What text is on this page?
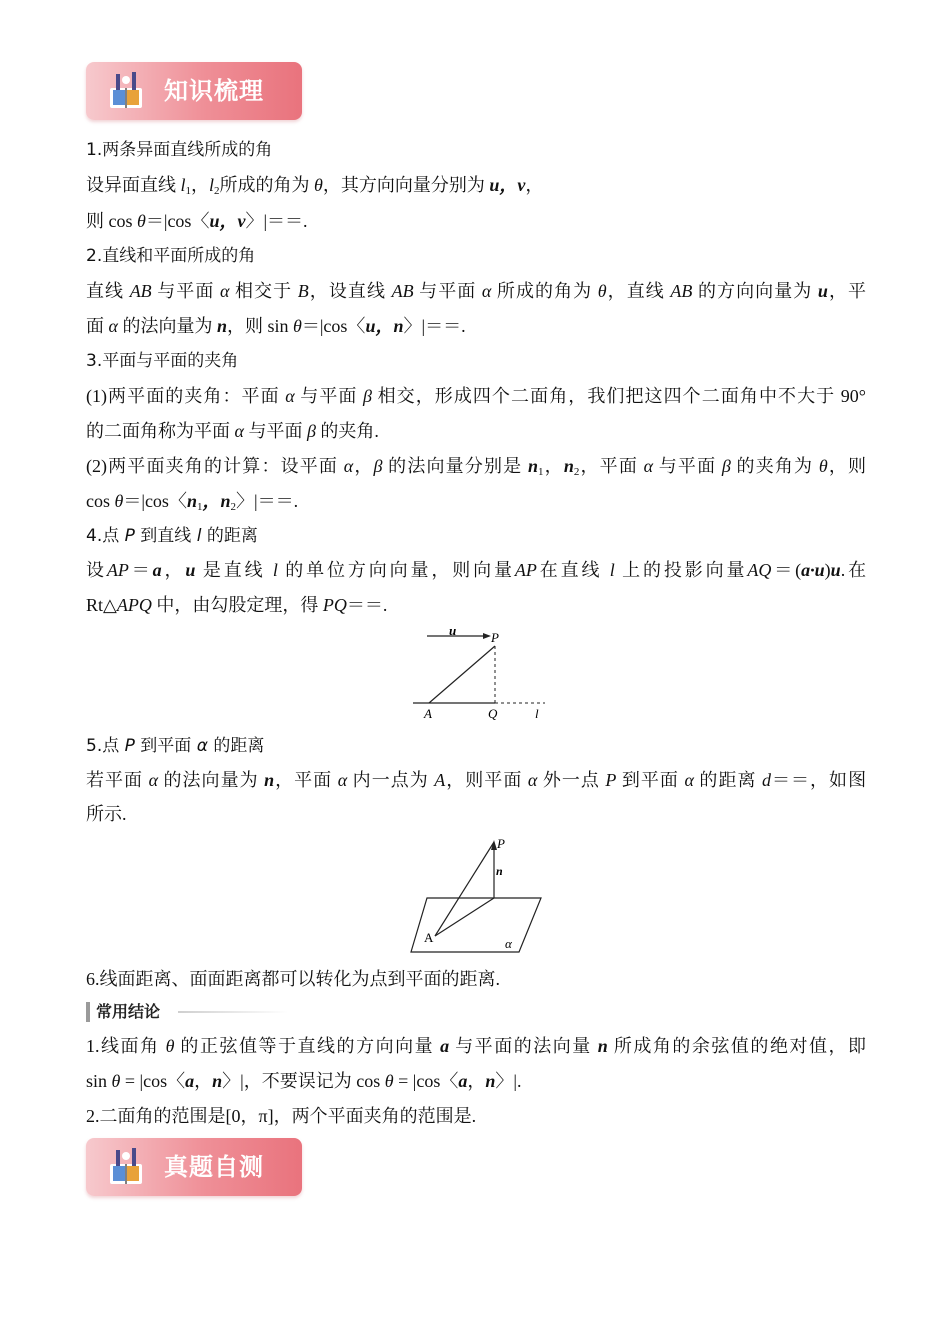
知识梳理
1.两条异面直线所成的角
设异面直线 $l_1$，$l_2$所成的角为 θ，其方向向量分别为 u，v，
则 cos θ＝|cos〈u，v〉|＝＝.
2.直线和平面所成的角
直线 AB 与平面 α 相交于 B，设直线 AB 与平面 α 所成的角为 θ，直线 AB 的方向向量为 u，平
面 α 的法向量为 n，则 sin θ＝|cos〈u，n〉|＝＝.
3.平面与平面的夹角
(1)两平面的夹角：平面 α 与平面 β 相交，形成四个二面角，我们把这四个二面角中不大于 90°
的二面角称为平面 α 与平面 β 的夹角.
(2)两平面夹角的计算：设平面 α，β 的法向量分别是 $n_1$，$n_2$，平面 α 与平面 β 的夹角为 θ，则
cos θ＝|cos〈$n_1$，$n_2$〉|＝＝.
4.点 P 到直线 l 的距离
设AP＝a，u 是直线 l 的单位方向向量，则向量AP在直线 l 上的投影向量AQ＝(a·u)u.在
Rt△APQ 中，由勾股定理，得 PQ＝＝.
u	P
A	Q	l
5.点 P 到平面 α 的距离
若平面 α 的法向量为 n，平面 α 内一点为 A，则平面 α 外一点 P 到平面 α 的距离 d＝＝，如图
所示.
P
n
A	α
6.线面距离、面面距离都可以转化为点到平面的距离.
常用结论
1.线面角 θ 的正弦值等于直线的方向向量 a 与平面的法向量 n 所成角的余弦值的绝对值，即
sin θ = |cos〈a，n〉|，不要误记为 cos θ = |cos〈a，n〉|.
2.二面角的范围是[0，π]，两个平面夹角的范围是.
真题自测
